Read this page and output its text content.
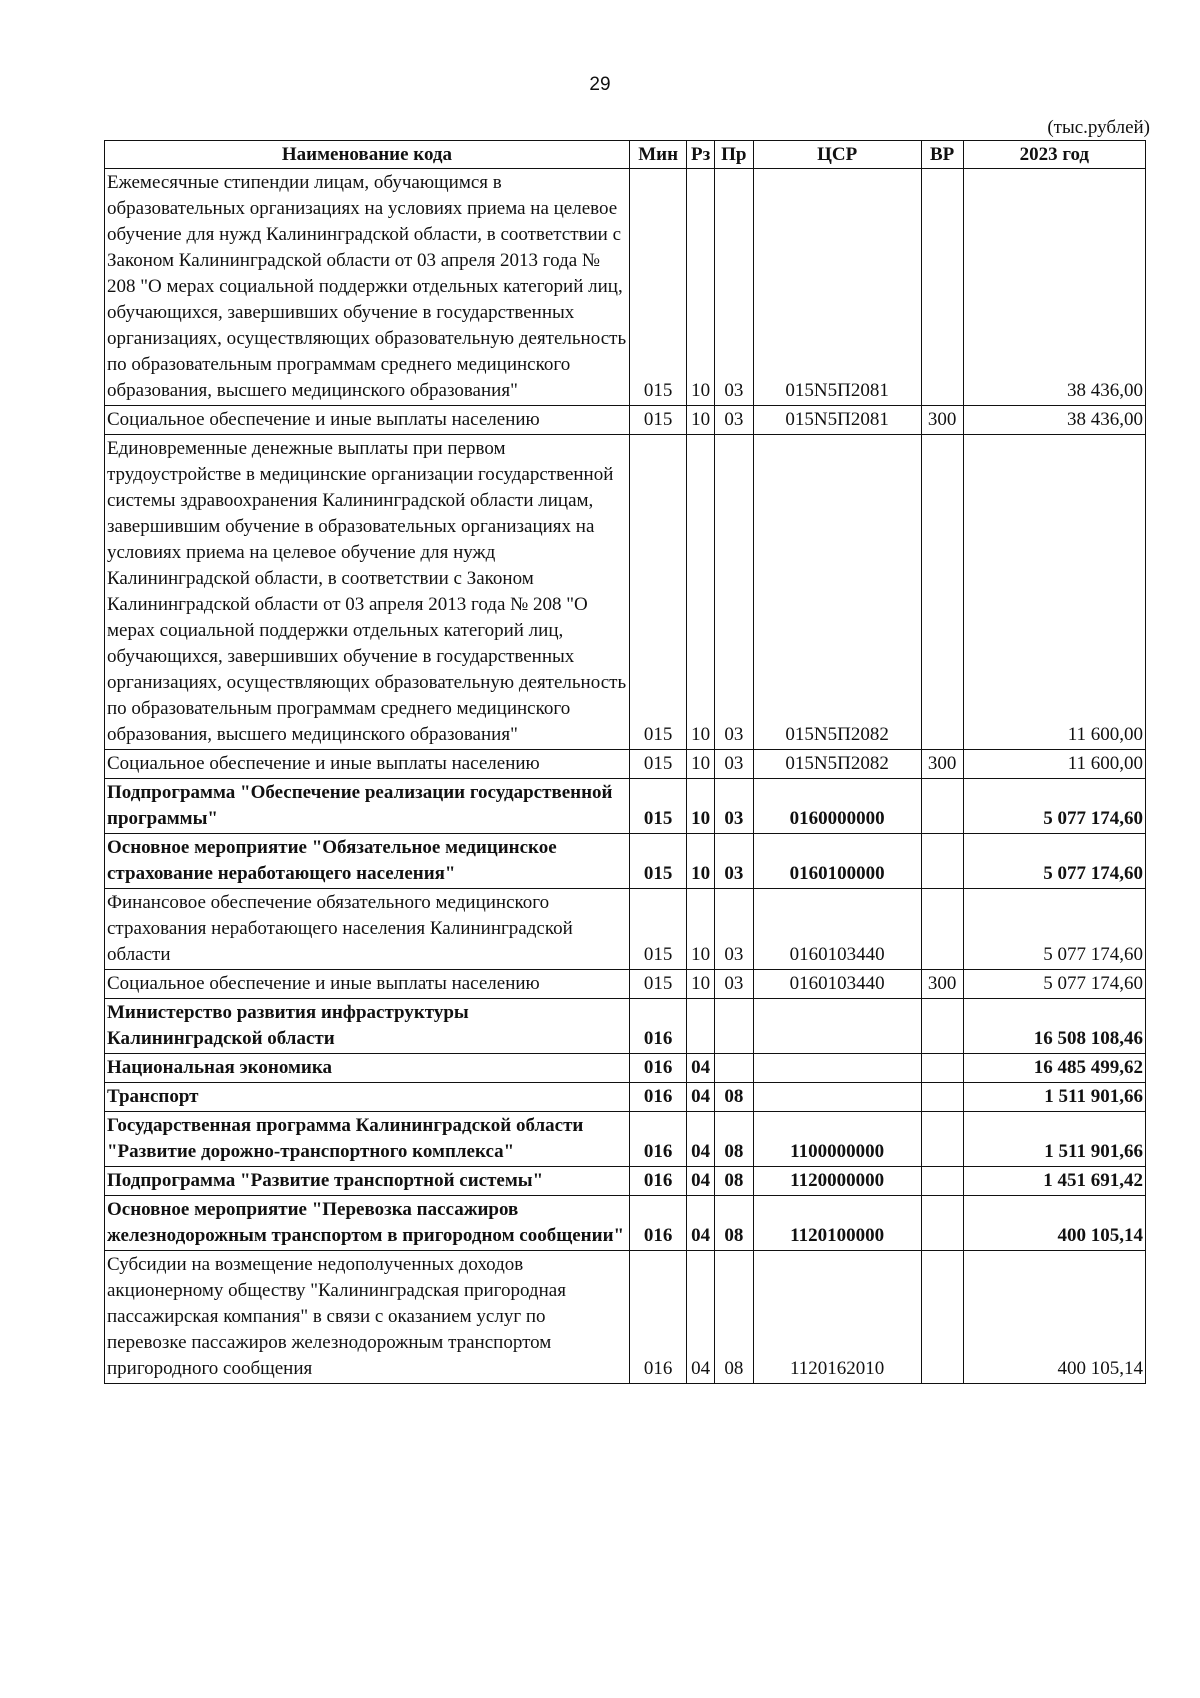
29
(тыс.рублей)
Наименование кода	Мин	Рз	Пр	ЦСР	ВР	2023 год
Ежемесячные стипендии лицам, обучающимся в образовательных организациях на условиях приема на целевое обучение для нужд Калининградской области, в соответствии с Законом Калининградской области от 03 апреля 2013 года № 208 "О мерах социальной поддержки отдельных категорий лиц, обучающихся, завершивших обучение в государственных организациях, осуществляющих образовательную деятельность по образовательным программам среднего медицинского образования, высшего медицинского образования"	015	10	03	015N5П2081		38 436,00
Социальное обеспечение и иные выплаты населению	015	10	03	015N5П2081	300	38 436,00
Единовременные денежные выплаты при первом трудоустройстве в медицинские организации государственной системы здравоохранения Калининградской области лицам, завершившим обучение в образовательных организациях на условиях приема на целевое обучение для нужд Калининградской области, в соответствии с Законом Калининградской области от 03 апреля 2013 года № 208 "О мерах социальной поддержки отдельных категорий лиц, обучающихся, завершивших обучение в государственных организациях, осуществляющих образовательную деятельность по образовательным программам среднего медицинского образования, высшего медицинского образования"	015	10	03	015N5П2082		11 600,00
Социальное обеспечение и иные выплаты населению	015	10	03	015N5П2082	300	11 600,00
Подпрограмма "Обеспечение реализации государственной программы"	015	10	03	0160000000		5 077 174,60
Основное мероприятие "Обязательное медицинское страхование неработающего населения"	015	10	03	0160100000		5 077 174,60
Финансовое обеспечение обязательного медицинского страхования неработающего населения Калининградской области	015	10	03	0160103440		5 077 174,60
Социальное обеспечение и иные выплаты населению	015	10	03	0160103440	300	5 077 174,60
Министерство развития инфраструктуры Калининградской области	016					16 508 108,46
Национальная экономика	016	04				16 485 499,62
Транспорт	016	04	08			1 511 901,66
Государственная программа Калининградской области "Развитие дорожно-транспортного комплекса"	016	04	08	1100000000		1 511 901,66
Подпрограмма "Развитие транспортной системы"	016	04	08	1120000000		1 451 691,42
Основное мероприятие "Перевозка пассажиров железнодорожным транспортом в пригородном сообщении"	016	04	08	1120100000		400 105,14
Субсидии на возмещение недополученных доходов акционерному обществу "Калининградская пригородная пассажирская компания" в связи с оказанием услуг по перевозке пассажиров железнодорожным транспортом пригородного сообщения	016	04	08	1120162010		400 105,14
